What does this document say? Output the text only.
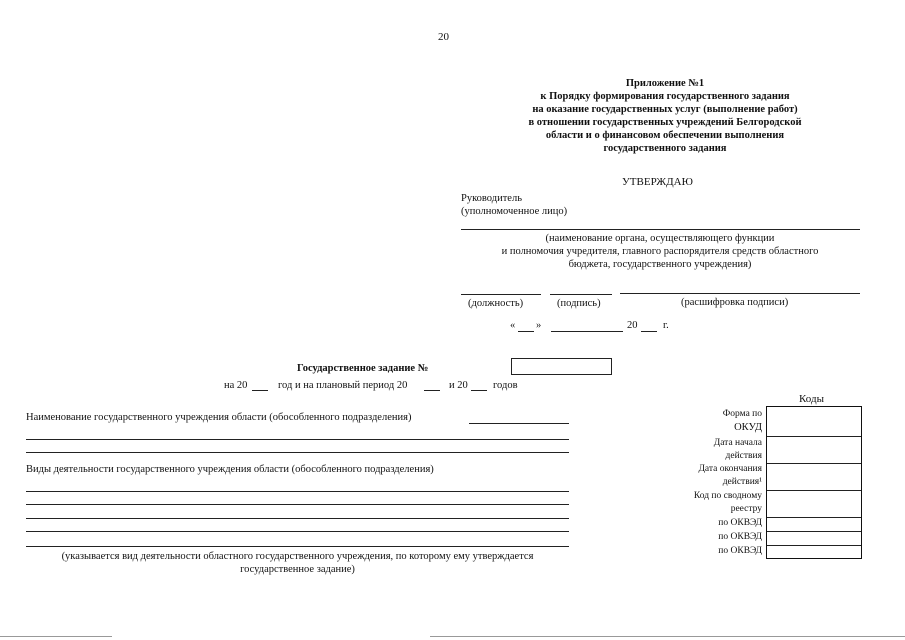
20
Приложение №1
к Порядку формирования государственного задания
на оказание государственных услуг (выполнение работ)
в отношении государственных учреждений Белгородской
области и о финансовом обеспечении выполнения
государственного задания
УТВЕРЖДАЮ
Руководитель
(уполномоченное лицо)
(наименование органа, осуществляющего функции
и полномочия учредителя, главного распорядителя средств областного
бюджета, государственного учреждения)
(должность)	(подпись)	(расшифровка подписи)
« »	20 г.
Государственное задание №
на 20	год и на плановый период 20	и 20 годов
Наименование государственного учреждения области (обособленного подразделения)
Виды деятельности государственного учреждения области (обособленного подразделения)
(указывается вид деятельности областного государственного учреждения, по которому ему утверждается
государственное задание)
Коды
Форма по
ОКУД
Дата начала
действия
Дата окончания
действия¹
Код по сводному
реестру
по ОКВЭД
по ОКВЭД
по ОКВЭД
